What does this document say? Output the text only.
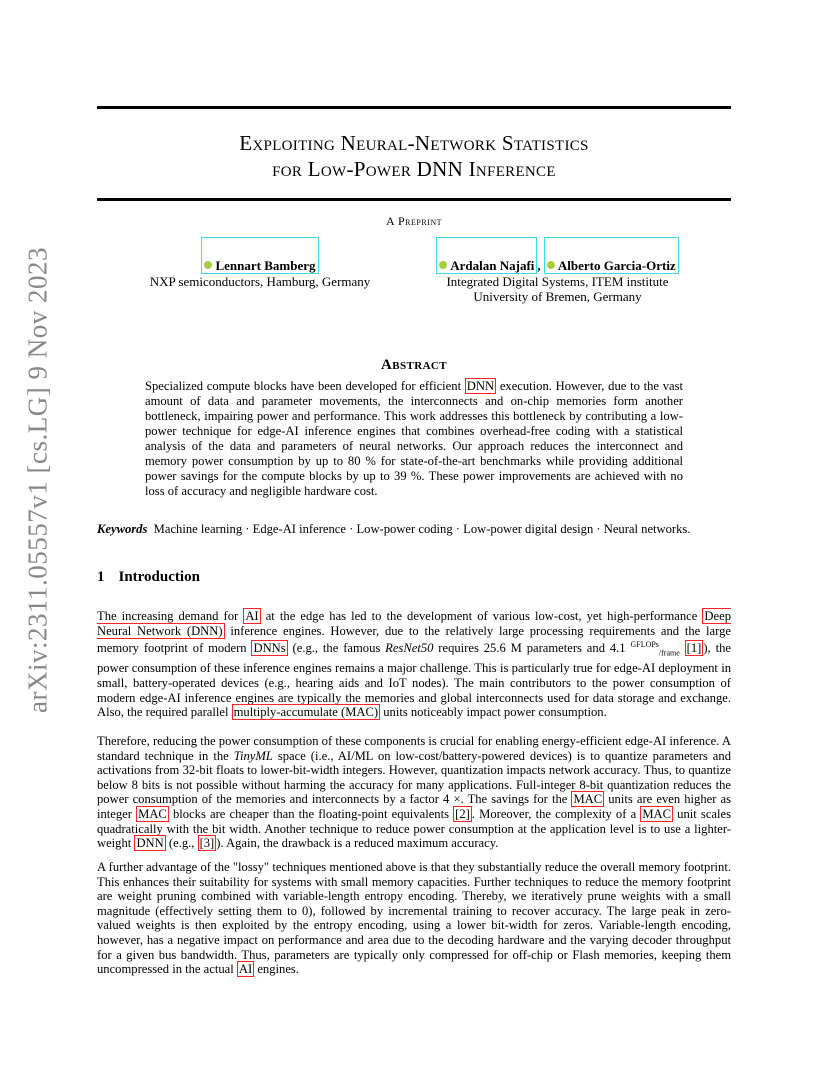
arXiv:2311.05557v1 [cs.LG] 9 Nov 2023
Exploiting Neural-Network Statistics
for Low-Power DNN Inference
A Preprint
Lennart Bamberg
NXP semiconductors, Hamburg, Germany
Ardalan Najafi , Alberto Garcia-Ortiz
Integrated Digital Systems, ITEM institute
University of Bremen, Germany
Abstract
Specialized compute blocks have been developed for efficient DNN execution. However, due to the vast amount of data and parameter movements, the interconnects and on-chip memories form another bottleneck, impairing power and performance. This work addresses this bottleneck by contributing a low-power technique for edge-AI inference engines that combines overhead-free coding with a statistical analysis of the data and parameters of neural networks. Our approach reduces the interconnect and memory power consumption by up to 80 % for state-of-the-art benchmarks while providing additional power savings for the compute blocks by up to 39 %. These power improvements are achieved with no loss of accuracy and negligible hardware cost.
Keywords Machine learning · Edge-AI inference · Low-power coding · Low-power digital design · Neural networks.
1 Introduction
The increasing demand for AI at the edge has led to the development of various low-cost, yet high-performance Deep Neural Network (DNN) inference engines. However, due to the relatively large processing requirements and the large memory footprint of modern DNNs (e.g., the famous ResNet50 requires 25.6 M parameters and 4.1 $^{GFLOPs}_{/frame}$ [1] ), the power consumption of these inference engines remains a major challenge. This is particularly true for edge-AI deployment in small, battery-operated devices (e.g., hearing aids and IoT nodes). The main contributors to the power consumption of modern edge-AI inference engines are typically the memories and global interconnects used for data storage and exchange. Also, the required parallel multiply-accumulate (MAC) units noticeably impact power consumption.
Therefore, reducing the power consumption of these components is crucial for enabling energy-efficient edge-AI inference. A standard technique in the TinyML space (i.e., AI/ML on low-cost/battery-powered devices) is to quantize parameters and activations from 32-bit floats to lower-bit-width integers. However, quantization impacts network accuracy. Thus, to quantize below 8 bits is not possible without harming the accuracy for many applications. Full-integer 8-bit quantization reduces the power consumption of the memories and interconnects by a factor 4 ×. The savings for the MAC units are even higher as integer MAC blocks are cheaper than the floating-point equivalents [2] . Moreover, the complexity of a MAC unit scales quadratically with the bit width. Another technique to reduce power consumption at the application level is to use a lighter-weight DNN (e.g., [3] ). Again, the drawback is a reduced maximum accuracy.
A further advantage of the "lossy" techniques mentioned above is that they substantially reduce the overall memory footprint. This enhances their suitability for systems with small memory capacities. Further techniques to reduce the memory footprint are weight pruning combined with variable-length entropy encoding. Thereby, we iteratively prune weights with a small magnitude (effectively setting them to 0), followed by incremental training to recover accuracy. The large peak in zero-valued weights is then exploited by the entropy encoding, using a lower bit-width for zeros. Variable-length encoding, however, has a negative impact on performance and area due to the decoding hardware and the varying decoder throughput for a given bus bandwidth. Thus, parameters are typically only compressed for off-chip or Flash memories, keeping them uncompressed in the actual AI engines.
